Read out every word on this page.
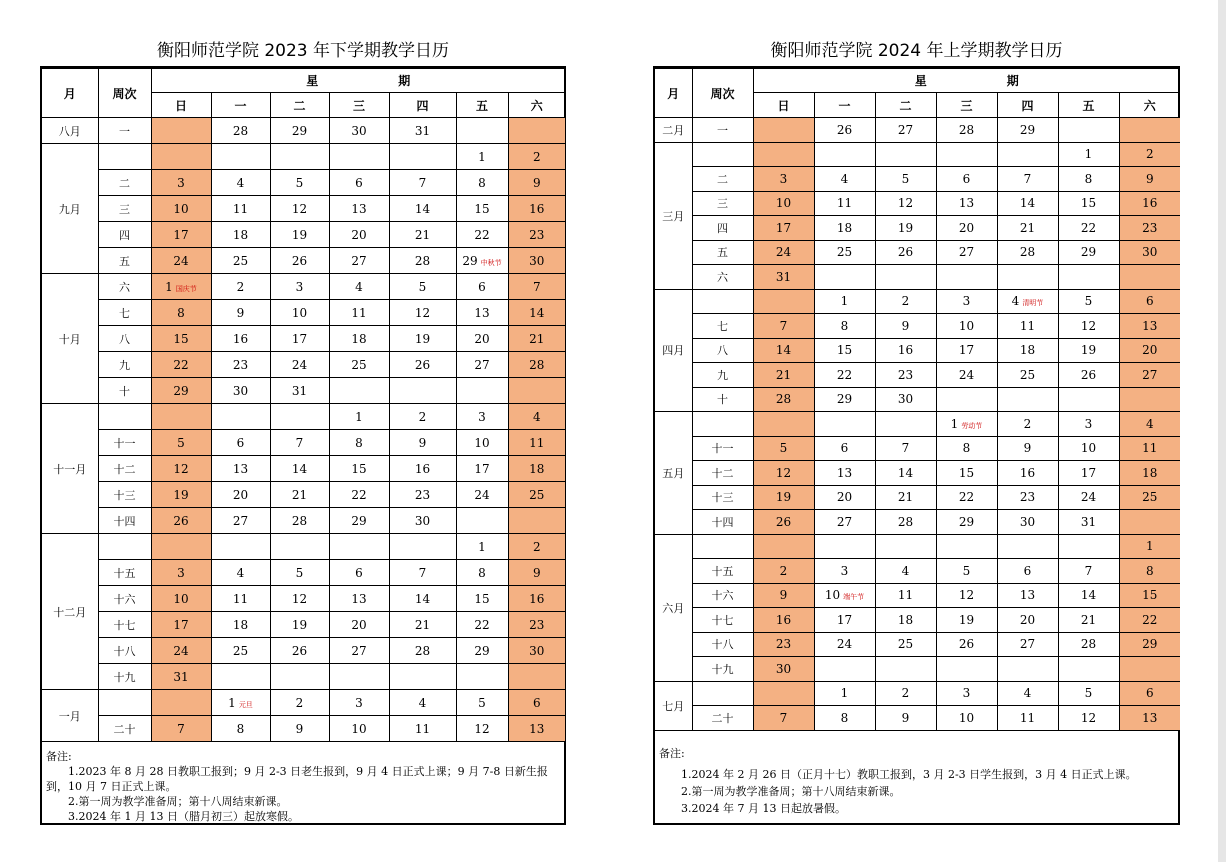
衡阳师范学院 2023 年下学期教学日历
月	周次	星 期						
		日	一	二	三	四	五	六
八月	一		28	29	30	31		
九月							1	2
	二	3	4	5	6	7	8	9
	三	10	11	12	13	14	15	16
	四	17	18	19	20	21	22	23
	五	24	25	26	27	28	29 中秋节	30
十月	六	1 国庆节	2	3	4	5	6	7
	七	8	9	10	11	12	13	14
	八	15	16	17	18	19	20	21
	九	22	23	24	25	26	27	28
	十	29	30	31				
十一月					1	2	3	4
	十一	5	6	7	8	9	10	11
	十二	12	13	14	15	16	17	18
	十三	19	20	21	22	23	24	25
	十四	26	27	28	29	30		
十二月							1	2
	十五	3	4	5	6	7	8	9
	十六	10	11	12	13	14	15	16
	十七	17	18	19	20	21	22	23
	十八	24	25	26	27	28	29	30
	十九	31						
一月			1 元旦	2	3	4	5	6
	二十	7	8	9	10	11	12	13
备注:
1.2023 年 8 月 28 日教职工报到；9 月 2-3 日老生报到，9 月 4 日正式上课；9 月 7-8 日新生报到，10 月 7 日正式上课。
2.第一周为教学准备周；第十八周结束新课。
3.2024 年 1 月 13 日（腊月初三）起放寒假。
衡阳师范学院 2024 年上学期教学日历
月	周次	星 期						
		日	一	二	三	四	五	六
二月	一		26	27	28	29		
三月							1	2
	二	3	4	5	6	7	8	9
	三	10	11	12	13	14	15	16
	四	17	18	19	20	21	22	23
	五	24	25	26	27	28	29	30
	六	31						
四月			1	2	3	4 清明节	5	6
	七	7	8	9	10	11	12	13
	八	14	15	16	17	18	19	20
	九	21	22	23	24	25	26	27
	十	28	29	30				
五月					1 劳动节	2	3	4
	十一	5	6	7	8	9	10	11
	十二	12	13	14	15	16	17	18
	十三	19	20	21	22	23	24	25
	十四	26	27	28	29	30	31	
六月								1
	十五	2	3	4	5	6	7	8
	十六	9	10 端午节	11	12	13	14	15
	十七	16	17	18	19	20	21	22
	十八	23	24	25	26	27	28	29
	十九	30						
七月			1	2	3	4	5	6
	二十	7	8	9	10	11	12	13
备注:
1.2024 年 2 月 26 日（正月十七）教职工报到，3 月 2-3 日学生报到，3 月 4 日正式上课。
2.第一周为教学准备周；第十八周结束新课。
3.2024 年 7 月 13 日起放暑假。
